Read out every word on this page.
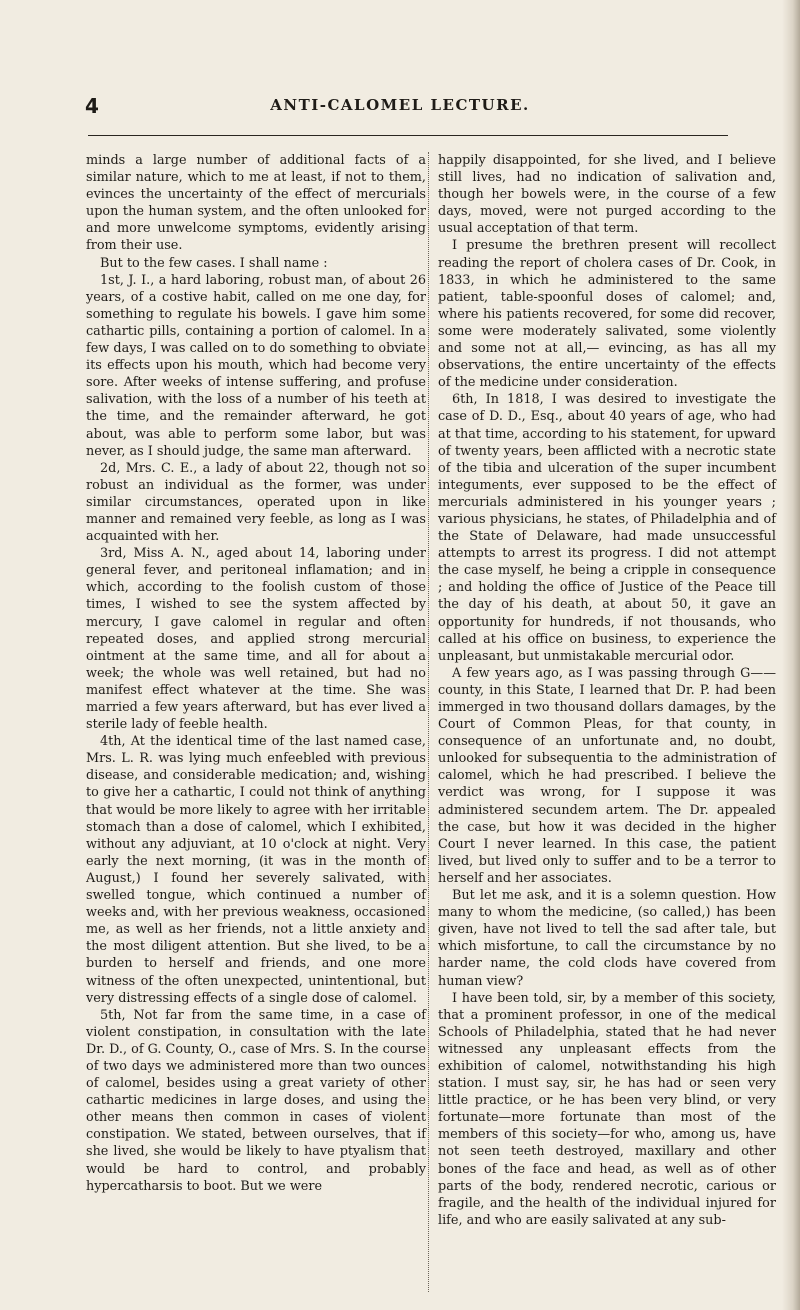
4	ANTI-CALOMEL LECTURE.

minds a large number of additional facts of a similar nature, which to me at least, if not to them, evinces the uncertainty of the effect of mercurials upon the human system, and the often unlooked for and more unwelcome symptoms, evidently arising from their use.

But to the few cases. I shall name :

1st, J. I., a hard laboring, robust man, of about 26 years, of a costive habit, called on me one day, for something to regulate his bowels. I gave him some cathartic pills, containing a portion of calomel. In a few days, I was called on to do something to obviate its effects upon his mouth, which had become very sore. After weeks of intense suffering, and profuse salivation, with the loss of a number of his teeth at the time, and the remainder afterward, he got about, was able to perform some labor, but was never, as I should judge, the same man afterward.

2d, Mrs. C. E., a lady of about 22, though not so robust an individual as the former, was under similar circumstances, operated upon in like manner and remained very feeble, as long as I was acquainted with her.

3rd, Miss A. N., aged about 14, laboring under general fever, and peritoneal inflamation; and in which, according to the foolish custom of those times, I wished to see the system affected by mercury, I gave calomel in regular and often repeated doses, and applied strong mercurial ointment at the same time, and all for about a week; the whole was well retained, but had no manifest effect whatever at the time. She was married a few years afterward, but has ever lived a sterile lady of feeble health.

4th, At the identical time of the last named case, Mrs. L. R. was lying much enfeebled with previous disease, and considerable medication; and, wishing to give her a cathartic, I could not think of anything that would be more likely to agree with her irritable stomach than a dose of calomel, which I exhibited, without any adjuviant, at 10 o'clock at night. Very early the next morning, (it was in the month of August,) I found her severely salivated, with swelled tongue, which continued a number of weeks and, with her previous weakness, occasioned me, as well as her friends, not a little anxiety and the most diligent attention. But she lived, to be a burden to herself and friends, and one more witness of the often unexpected, unintentional, but very distressing effects of a single dose of calomel.

5th, Not far from the same time, in a case of violent constipation, in consultation with the late Dr. D., of G. County, O., case of Mrs. S. In the course of two days we administered more than two ounces of calomel, besides using a great variety of other cathartic medicines in large doses, and using the other means then common in cases of violent constipation. We stated, between ourselves, that if she lived, she would be likely to have ptyalism that would be hard to control, and probably hypercatharsis to boot. But we were

happily disappointed, for she lived, and I believe still lives, had no indication of salivation and, though her bowels were, in the course of a few days, moved, were not purged according to the usual acceptation of that term.

I presume the brethren present will recollect reading the report of cholera cases of Dr. Cook, in 1833, in which he administered to the same patient, table-spoonful doses of calomel; and, where his patients recovered, for some did recover, some were moderately salivated, some violently and some not at all,— evincing, as has all my observations, the entire uncertainty of the effects of the medicine under consideration.

6th, In 1818, I was desired to investigate the case of D. D., Esq., about 40 years of age, who had at that time, according to his statement, for upward of twenty years, been afflicted with a necrotic state of the tibia and ulceration of the super incumbent integuments, ever supposed to be the effect of mercurials administered in his younger years ; various physicians, he states, of Philadelphia and of the State of Delaware, had made unsuccessful attempts to arrest its progress. I did not attempt the case myself, he being a cripple in consequence ; and holding the office of Justice of the Peace till the day of his death, at about 50, it gave an opportunity for hundreds, if not thousands, who called at his office on business, to experience the unpleasant, but unmistakable mercurial odor.

A few years ago, as I was passing through G—— county, in this State, I learned that Dr. P. had been immerged in two thousand dollars damages, by the Court of Common Pleas, for that county, in consequence of an unfortunate and, no doubt, unlooked for subsequentia to the administration of calomel, which he had prescribed. I believe the verdict was wrong, for I suppose it was administered secundem artem. The Dr. appealed the case, but how it was decided in the higher Court I never learned. In this case, the patient lived, but lived only to suffer and to be a terror to herself and her associates.

But let me ask, and it is a solemn question. How many to whom the medicine, (so called,) has been given, have not lived to tell the sad after tale, but which misfortune, to call the circumstance by no harder name, the cold clods have covered from human view?

I have been told, sir, by a member of this society, that a prominent professor, in one of the medical Schools of Philadelphia, stated that he had never witnessed any unpleasant effects from the exhibition of calomel, notwithstanding his high station. I must say, sir, he has had or seen very little practice, or he has been very blind, or very fortunate—more fortunate than most of the members of this society—for who, among us, have not seen teeth destroyed, maxillary and other bones of the face and head, as well as of other parts of the body, rendered necrotic, carious or fragile, and the health of the individual injured for life, and who are easily salivated at any sub-
